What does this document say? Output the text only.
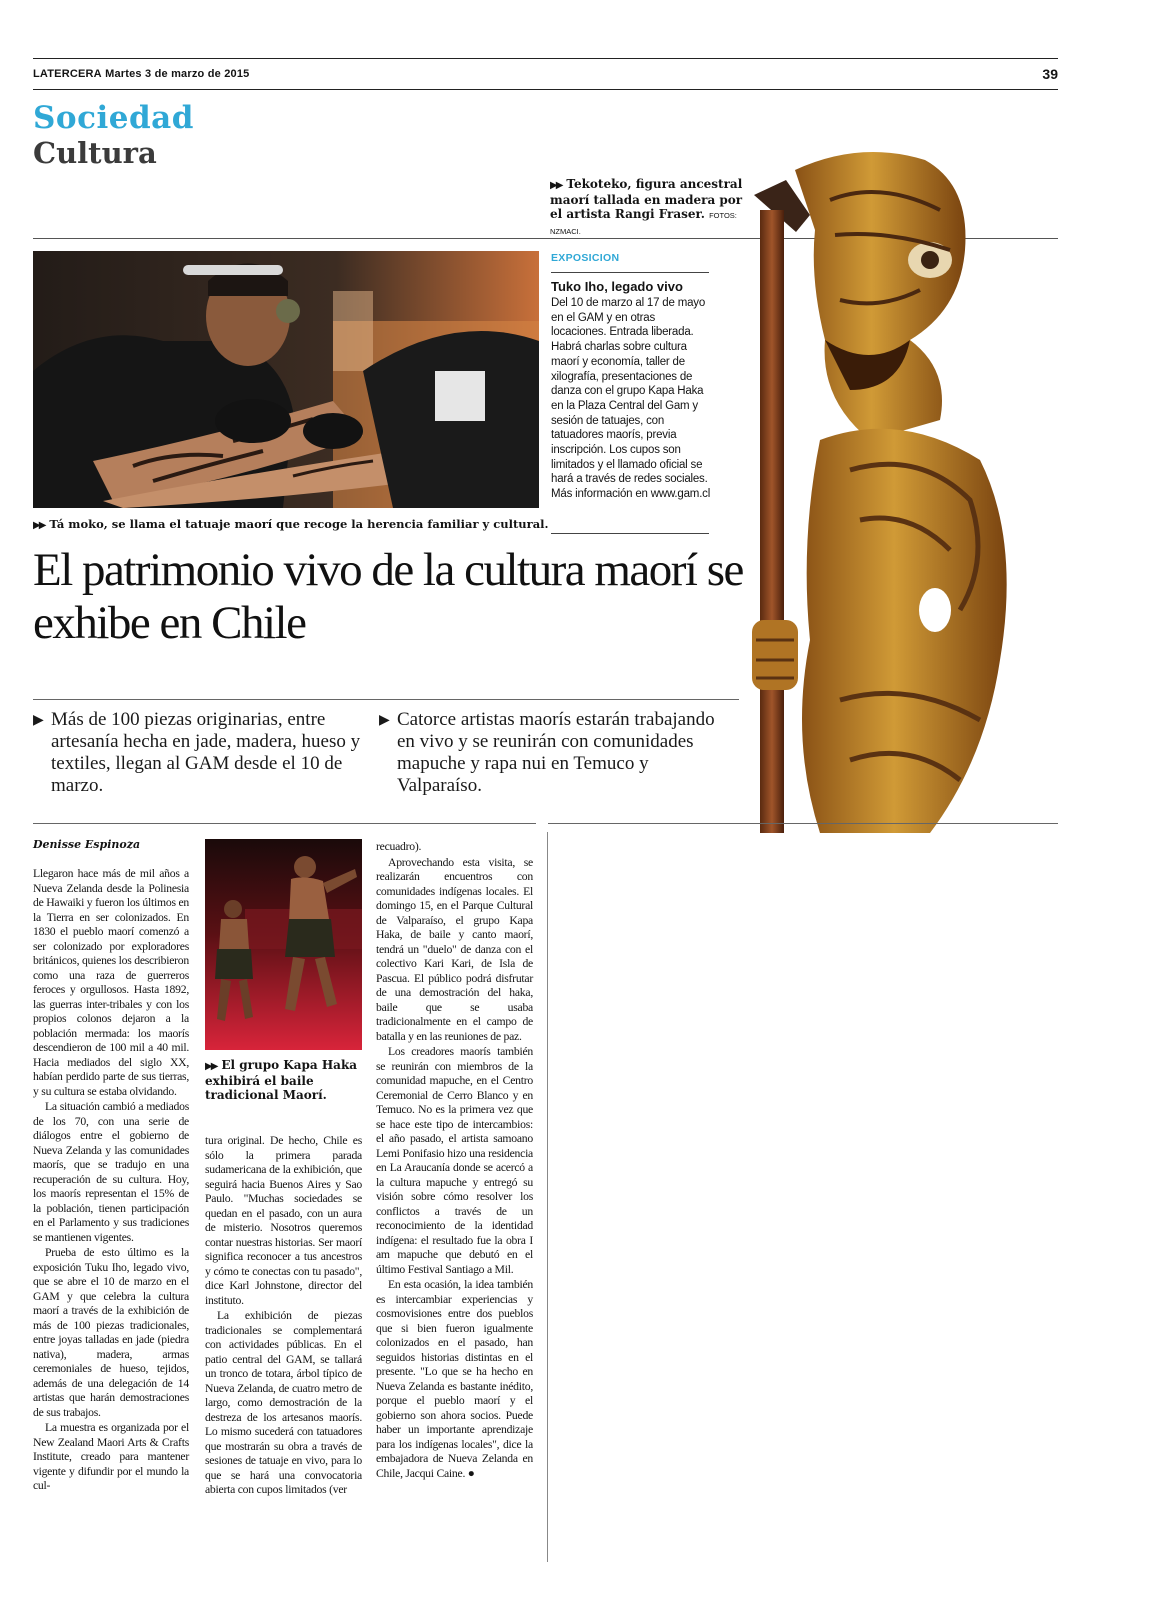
LATERCERA Martes 3 de marzo de 2015	39
Sociedad
Cultura
▶▶ Tekoteko, figura ancestral maorí tallada en madera por el artista Rangi Fraser. FOTOS: NZMACI.
▶▶ Tá moko, se llama el tatuaje maorí que recoge la herencia familiar y cultural.
EXPOSICION
Tuko Iho, legado vivo
Del 10 de marzo al 17 de mayo en el GAM y en otras locaciones. Entrada liberada. Habrá charlas sobre cultura maorí y economía, taller de xilografía, presentaciones de danza con el grupo Kapa Haka en la Plaza Central del Gam y sesión de tatuajes, con tatuadores maorís, previa inscripción. Los cupos son limitados y el llamado oficial se hará a través de redes sociales. Más información en www.gam.cl
El patrimonio vivo de la cultura maorí se exhibe en Chile
▶ Más de 100 piezas originarias, entre artesanía hecha en jade, madera, hueso y textiles, llegan al GAM desde el 10 de marzo.
▶ Catorce artistas maorís estarán trabajando en vivo y se reunirán con comunidades mapuche y rapa nui en Temuco y Valparaíso.
Denisse Espinoza

Llegaron hace más de mil años a Nueva Zelanda desde la Polinesia de Hawaiki y fueron los últimos en la Tierra en ser colonizados. En 1830 el pueblo maorí comenzó a ser colonizado por exploradores británicos, quienes los describieron como una raza de guerreros feroces y orgullosos. Hasta 1892, las guerras inter-tribales y con los propios colonos dejaron a la población mermada: los maorís descendieron de 100 mil a 40 mil. Hacia mediados del siglo XX, habían perdido parte de sus tierras, y su cultura se estaba olvidando.

La situación cambió a mediados de los 70, con una serie de diálogos entre el gobierno de Nueva Zelanda y las comunidades maorís, que se tradujo en una recuperación de su cultura. Hoy, los maorís representan el 15% de la población, tienen participación en el Parlamento y sus tradiciones se mantienen vigentes.

Prueba de esto último es la exposición Tuku Iho, legado vivo, que se abre el 10 de marzo en el GAM y que celebra la cultura maorí a través de la exhibición de más de 100 piezas tradicionales, entre joyas talladas en jade (piedra nativa), madera, armas ceremoniales de hueso, tejidos, además de una delegación de 14 artistas que harán demostraciones de sus trabajos.

La muestra es organizada por el New Zealand Maori Arts & Crafts Institute, creado para mantener vigente y difundir por el mundo la cul-

▶▶ El grupo Kapa Haka exhibirá el baile tradicional Maorí.

tura original. De hecho, Chile es sólo la primera parada sudamericana de la exhibición, que seguirá hacia Buenos Aires y Sao Paulo. "Muchas sociedades se quedan en el pasado, con un aura de misterio. Nosotros queremos contar nuestras historias. Ser maorí significa reconocer a tus ancestros y cómo te conectas con tu pasado", dice Karl Johnstone, director del instituto.

La exhibición de piezas tradicionales se complementará con actividades públicas. En el patio central del GAM, se tallará un tronco de totara, árbol típico de Nueva Zelanda, de cuatro metro de largo, como demostración de la destreza de los artesanos maorís. Lo mismo sucederá con tatuadores que mostrarán su obra a través de sesiones de tatuaje en vivo, para lo que se hará una convocatoria abierta con cupos limitados (ver

recuadro).

Aprovechando esta visita, se realizarán encuentros con comunidades indígenas locales. El domingo 15, en el Parque Cultural de Valparaíso, el grupo Kapa Haka, de baile y canto maorí, tendrá un "duelo" de danza con el colectivo Kari Kari, de Isla de Pascua. El público podrá disfrutar de una demostración del haka, baile que se usaba tradicionalmente en el campo de batalla y en las reuniones de paz.

Los creadores maorís también se reunirán con miembros de la comunidad mapuche, en el Centro Ceremonial de Cerro Blanco y en Temuco. No es la primera vez que se hace este tipo de intercambios: el año pasado, el artista samoano Lemi Ponifasio hizo una residencia en La Araucanía donde se acercó a la cultura mapuche y entregó su visión sobre cómo resolver los conflictos a través de un reconocimiento de la identidad indígena: el resultado fue la obra I am mapuche que debutó en el último Festival Santiago a Mil.

En esta ocasión, la idea también es intercambiar experiencias y cosmovisiones entre dos pueblos que si bien fueron igualmente colonizados en el pasado, han seguidos historias distintas en el presente. "Lo que se ha hecho en Nueva Zelanda es bastante inédito, porque el pueblo maorí y el gobierno son ahora socios. Puede haber un importante aprendizaje para los indígenas locales", dice la embajadora de Nueva Zelanda en Chile, Jacqui Caine. ●
